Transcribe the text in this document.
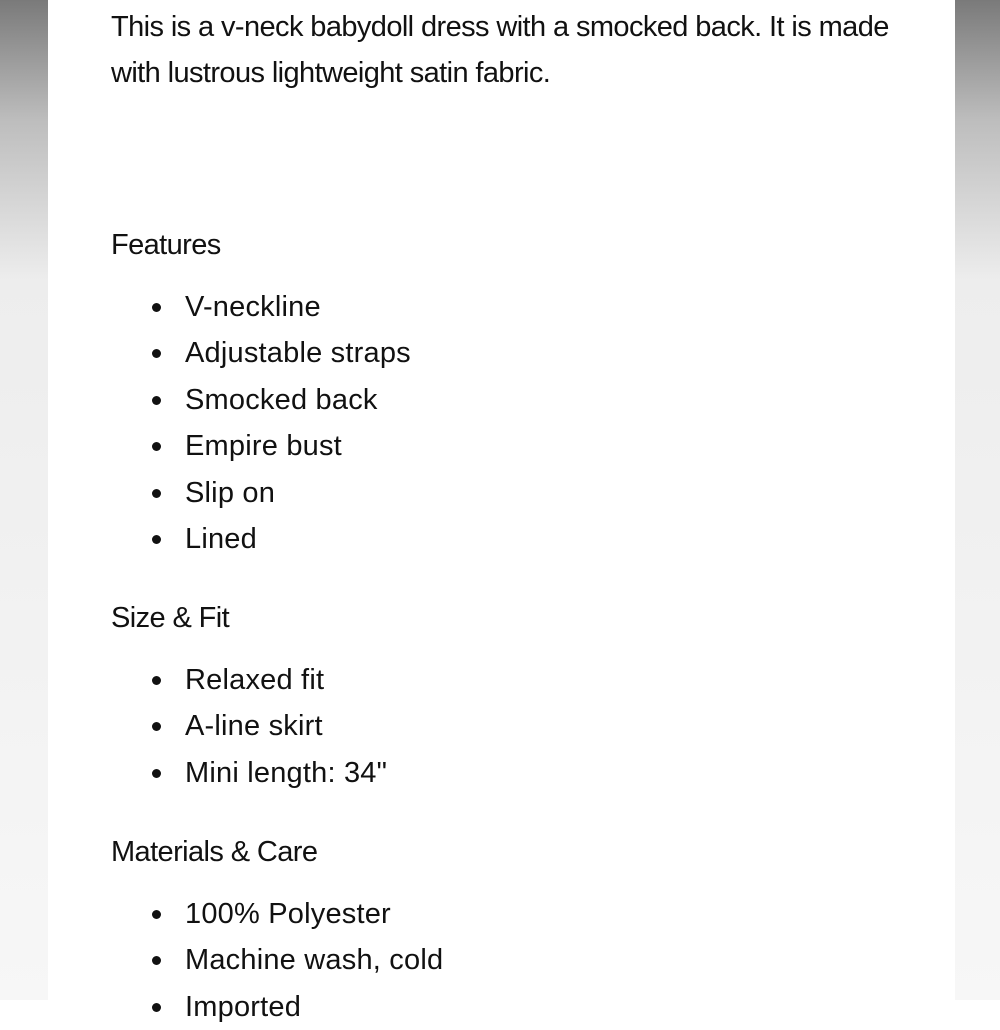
This is a v-neck babydoll dress with a smocked back. It is made with lustrous lightweight satin fabric.

Features
V-neckline
Adjustable straps
Smocked back
Empire bust
Slip on
Lined
Size & Fit
Relaxed fit
A-line skirt
Mini length: 34"
Materials & Care
100% Polyester
Machine wash, cold
Imported
